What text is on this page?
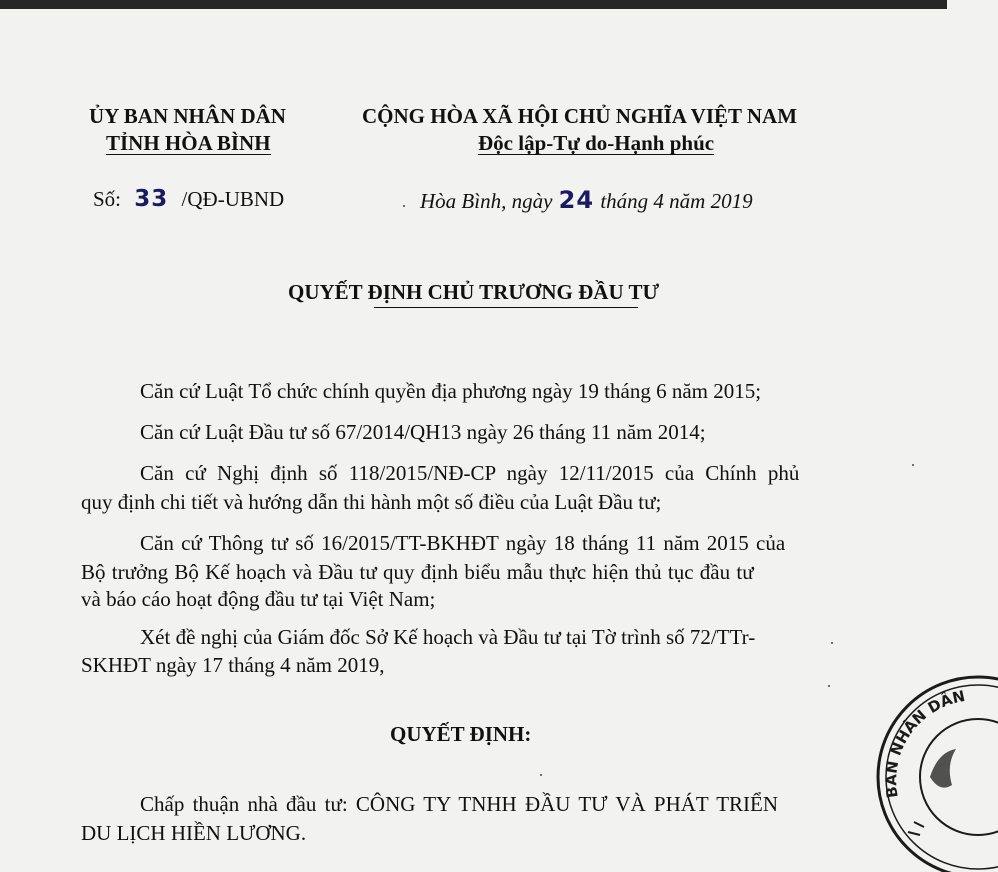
ỦY BAN NHÂN DÂN
TỈNH HÒA BÌNH
CỘNG HÒA XÃ HỘI CHỦ NGHĨA VIỆT NAM
Độc lập-Tự do-Hạnh phúc
Số: 33 /QĐ-UBND	Hòa Bình, ngày 24 tháng 4 năm 2019
QUYẾT ĐỊNH CHỦ TRƯƠNG ĐẦU TƯ
Căn cứ Luật Tổ chức chính quyền địa phương ngày 19 tháng 6 năm 2015;
Căn cứ Luật Đầu tư số 67/2014/QH13 ngày 26 tháng 11 năm 2014;
Căn cứ Nghị định số 118/2015/NĐ-CP ngày 12/11/2015 của Chính phủ
quy định chi tiết và hướng dẫn thi hành một số điều của Luật Đầu tư;
Căn cứ Thông tư số 16/2015/TT-BKHĐT ngày 18 tháng 11 năm 2015 của
Bộ trưởng Bộ Kế hoạch và Đầu tư quy định biểu mẫu thực hiện thủ tục đầu tư
và báo cáo hoạt động đầu tư tại Việt Nam;
Xét đề nghị của Giám đốc Sở Kế hoạch và Đầu tư tại Tờ trình số 72/TTr-
SKHĐT ngày 17 tháng 4 năm 2019,
QUYẾT ĐỊNH:
Chấp thuận nhà đầu tư: CÔNG TY TNHH ĐẦU TƯ VÀ PHÁT TRIỂN
DU LỊCH HIỀN LƯƠNG.
BAN NHÂN DÂN
